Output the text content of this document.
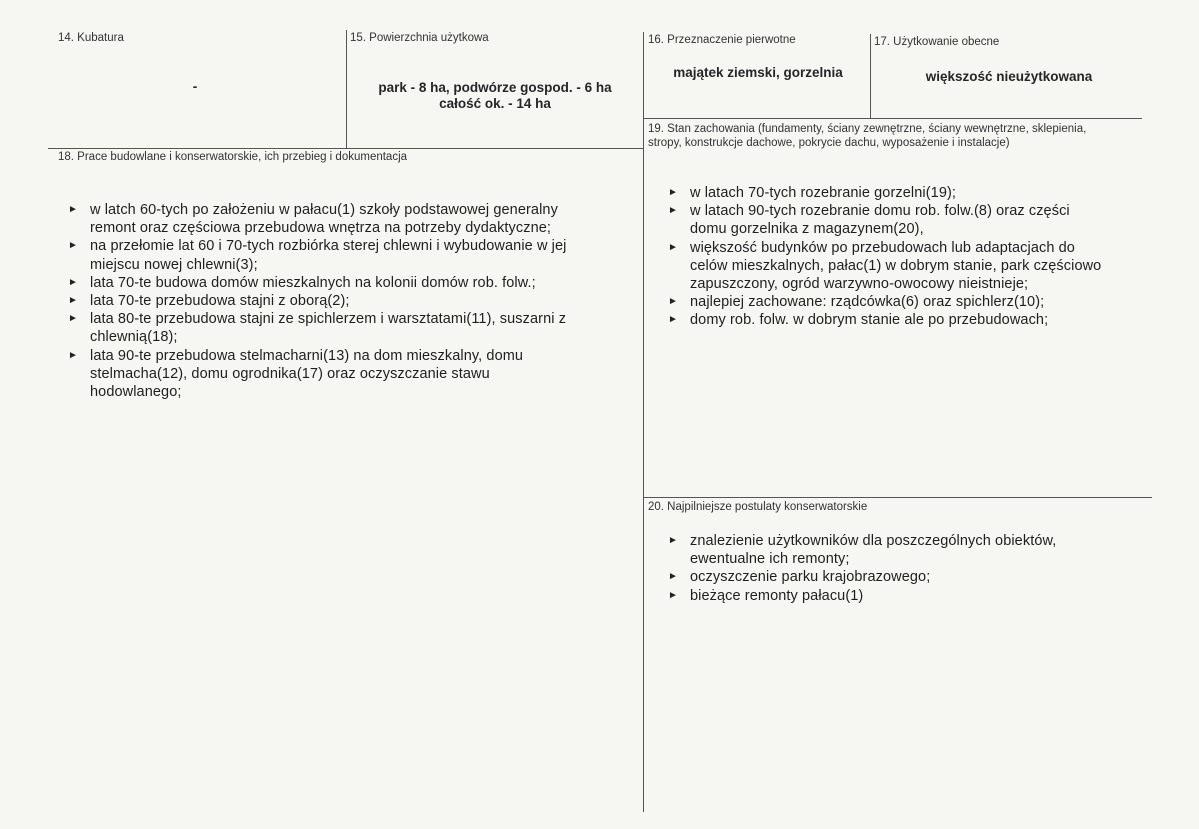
14. Kubatura
-
15. Powierzchnia użytkowa
park - 8 ha, podwórze gospod. - 6 ha
całość ok. - 14 ha
16. Przeznaczenie pierwotne
majątek ziemski, gorzelnia
17. Użytkowanie obecne
większość nieużytkowana
18. Prace budowlane i konserwatorskie, ich przebieg i dokumentacja
► w latch 60-tych po założeniu w pałacu(1) szkoły podstawowej generalny
remont oraz częściowa przebudowa wnętrza na potrzeby dydaktyczne;
► na przełomie lat 60 i 70-tych rozbiórka sterej chlewni i wybudowanie w jej
miejscu nowej chlewni(3);
► lata 70-te budowa domów mieszkalnych na kolonii domów rob. folw.;
► lata 70-te przebudowa stajni z oborą(2);
► lata 80-te przebudowa stajni ze spichlerzem i warsztatami(11), suszarni z
chlewnią(18);
► lata 90-te przebudowa stelmacharni(13) na dom mieszkalny, domu
stelmacha(12), domu ogrodnika(17) oraz oczyszczanie stawu
hodowlanego;
19. Stan zachowania (fundamenty, ściany zewnętrzne, ściany wewnętrzne, sklepienia,
stropy, konstrukcje dachowe, pokrycie dachu, wyposażenie i instalacje)
► w latach 70-tych rozebranie gorzelni(19);
► w latach 90-tych rozebranie domu rob. folw.(8) oraz części
domu gorzelnika z magazynem(20),
► większość budynków po przebudowach lub adaptacjach do
celów mieszkalnych, pałac(1) w dobrym stanie, park częściowo
zapuszczony, ogród warzywno-owocowy nieistnieje;
► najlepiej zachowane: rządcówka(6) oraz spichlerz(10);
► domy rob. folw. w dobrym stanie ale po przebudowach;
20. Najpilniejsze postulaty konserwatorskie
► znalezienie użytkowników dla poszczególnych obiektów,
ewentualne ich remonty;
► oczyszczenie parku krajobrazowego;
► bieżące remonty pałacu(1)
